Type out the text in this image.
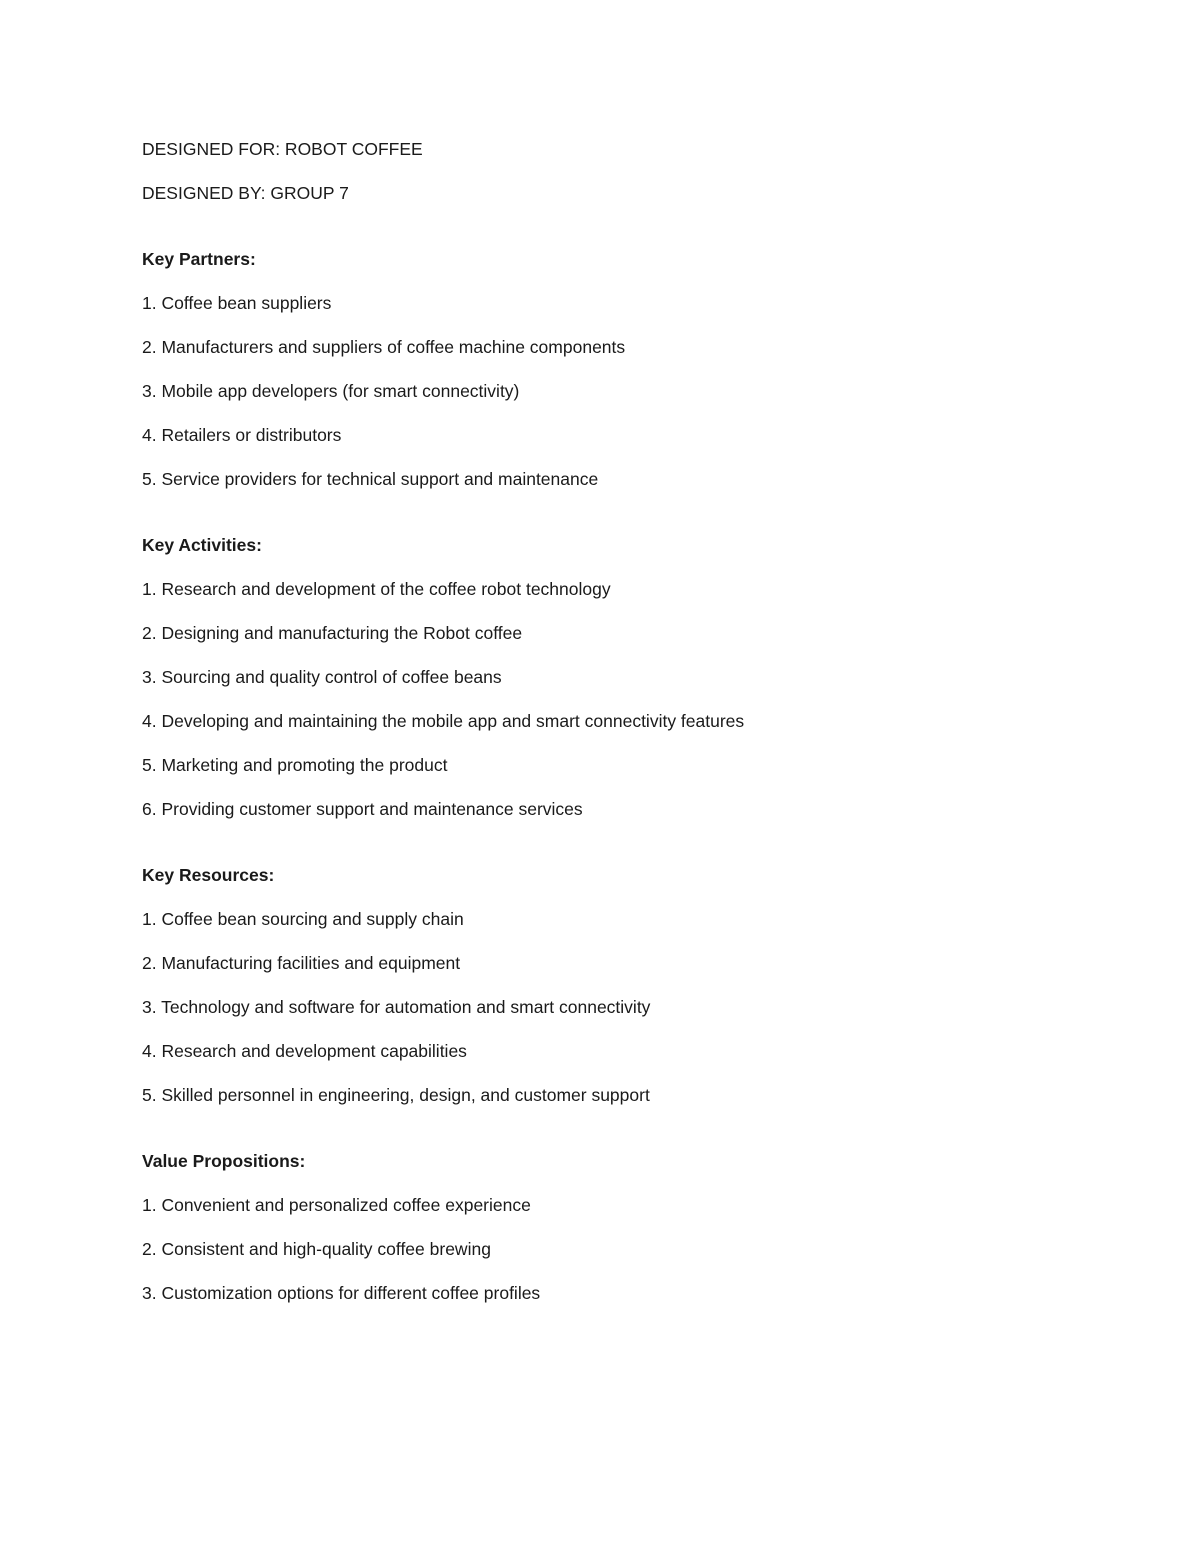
DESIGNED FOR: ROBOT COFFEE
DESIGNED BY: GROUP 7
Key Partners:
1. Coffee bean suppliers
2. Manufacturers and suppliers of coffee machine components
3. Mobile app developers (for smart connectivity)
4. Retailers or distributors
5. Service providers for technical support and maintenance
Key Activities:
1. Research and development of the coffee robot technology
2. Designing and manufacturing the Robot coffee
3. Sourcing and quality control of coffee beans
4. Developing and maintaining the mobile app and smart connectivity features
5. Marketing and promoting the product
6. Providing customer support and maintenance services
Key Resources:
1. Coffee bean sourcing and supply chain
2. Manufacturing facilities and equipment
3. Technology and software for automation and smart connectivity
4. Research and development capabilities
5. Skilled personnel in engineering, design, and customer support
Value Propositions:
1. Convenient and personalized coffee experience
2. Consistent and high-quality coffee brewing
3. Customization options for different coffee profiles
